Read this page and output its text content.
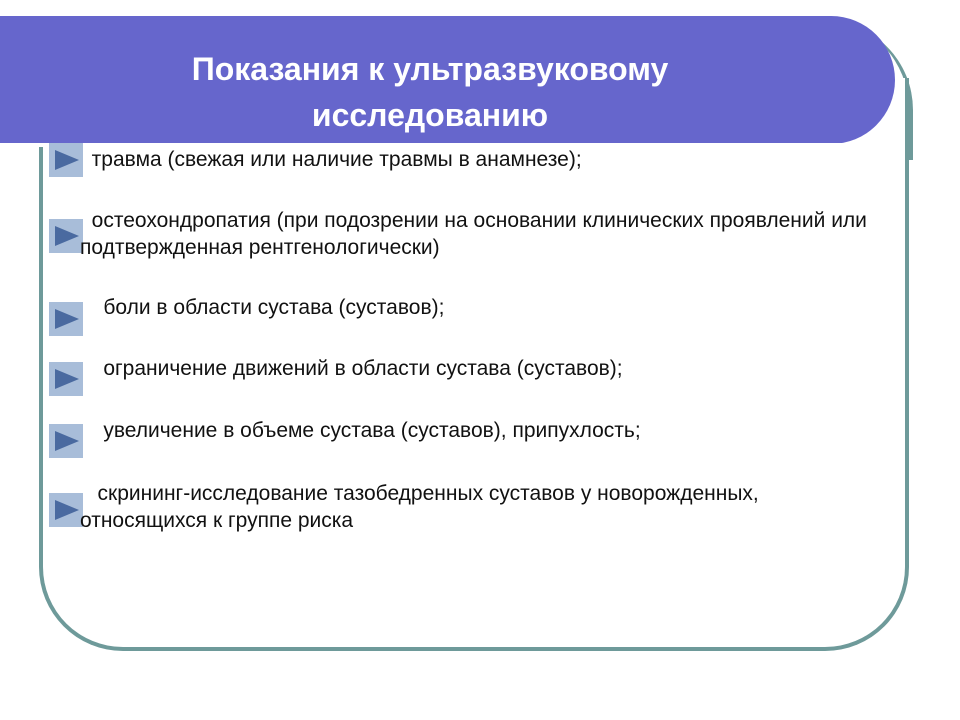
Показания к ультразвуковому
исследованию
травма (свежая или наличие травмы в анамнезе);
остеохондропатия (при подозрении на основании клинических проявлений или подтвержденная рентгенологически)
боли в области сустава (суставов);
ограничение движений в области сустава (суставов);
увеличение в объеме сустава (суставов), припухлость;
скрининг-исследование тазобедренных суставов у новорожденных, относящихся к группе риска
